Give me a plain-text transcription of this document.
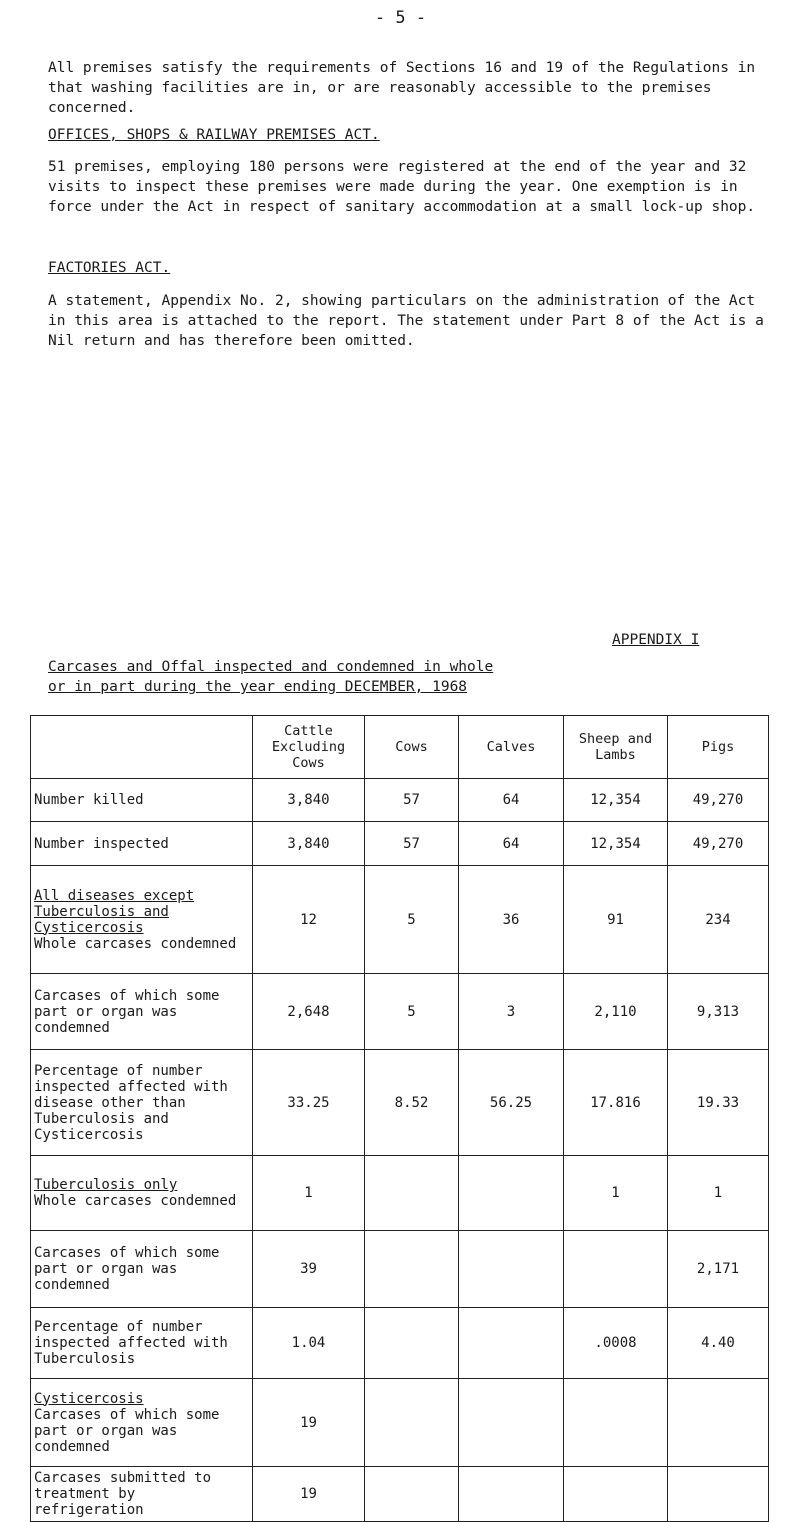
- 5 -

All premises satisfy the requirements of Sections 16 and 19 of the Regulations in that washing facilities are in, or are reasonably accessible to the premises concerned.

OFFICES, SHOPS & RAILWAY PREMISES ACT.

51 premises, employing 180 persons were registered at the end of the year and 32 visits to inspect these premises were made during the year. One exemption is in force under the Act in respect of sanitary accommodation at a small lock-up shop.

FACTORIES ACT.

A statement, Appendix No. 2, showing particulars on the administration of the Act in this area is attached to the report. The statement under Part 8 of the Act is a Nil return and has therefore been omitted.

APPENDIX I
Carcases and Offal inspected and condemned in whole
or in part during the year ending DECEMBER, 1968
	Cattle Excluding Cows	Cows	Calves	Sheep and Lambs	Pigs
Number killed	3,840	57	64	12,354	49,270
Number inspected	3,840	57	64	12,354	49,270

All diseases except Tuberculosis and Cysticercosis
Whole carcases condemned	12	5	36	91	234
Carcases of which some part or organ was condemned	2,648	5	3	2,110	9,313
Percentage of number inspected affected with disease other than Tuberculosis and Cysticercosis	33.25	8.52	56.25	17.816	19.33

Tuberculosis only
Whole carcases condemned	1			1	1
Carcases of which some part or organ was condemned	39				2,171
Percentage of number inspected affected with Tuberculosis	1.04			.0008	4.40

Cysticercosis
Carcases of which some part or organ was condemned	19				
Carcases submitted to treatment by refrigeration	19				
